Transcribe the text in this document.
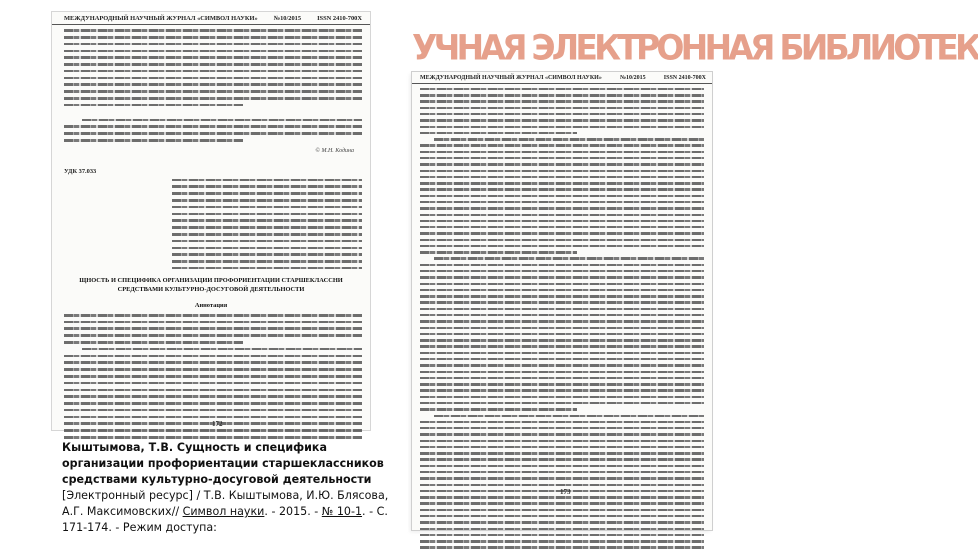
МЕЖДУНАРОДНЫЙ НАУЧНЫЙ ЖУРНАЛ «СИМВОЛ НАУКИ»	№10/2015	ISSN 2410-700Х
© М.Н. Кодина
УДК 37.033
ЩНОСТЬ И СПЕЦИФИКА ОРГАНИЗАЦИИ ПРОФОРИЕНТАЦИИ СТАРШЕКЛАССНИ
СРЕДСТВАМИ КУЛЬТУРНО-ДОСУГОВОЙ ДЕЯТЕЛЬНОСТИ
Аннотация
МЕЖДУНАРОДНЫЙ НАУЧНЫЙ ЖУРНАЛ «СИМВОЛ НАУКИ»	№10/2015	ISSN 2410-700Х
173
УЧНАЯ ЭЛЕКТРОННАЯ БИБЛИОТЕК
172

Кыштымова, Т.В. Сущность и специфика организации профориентации старшеклассников средствами культурно-досуговой деятельности [Электронный ресурс] / Т.В. Кыштымова, И.Ю. Блясова, А.Г. Максимовских// Символ науки. - 2015. - № 10-1. - С. 171-174. - Режим доступа:
